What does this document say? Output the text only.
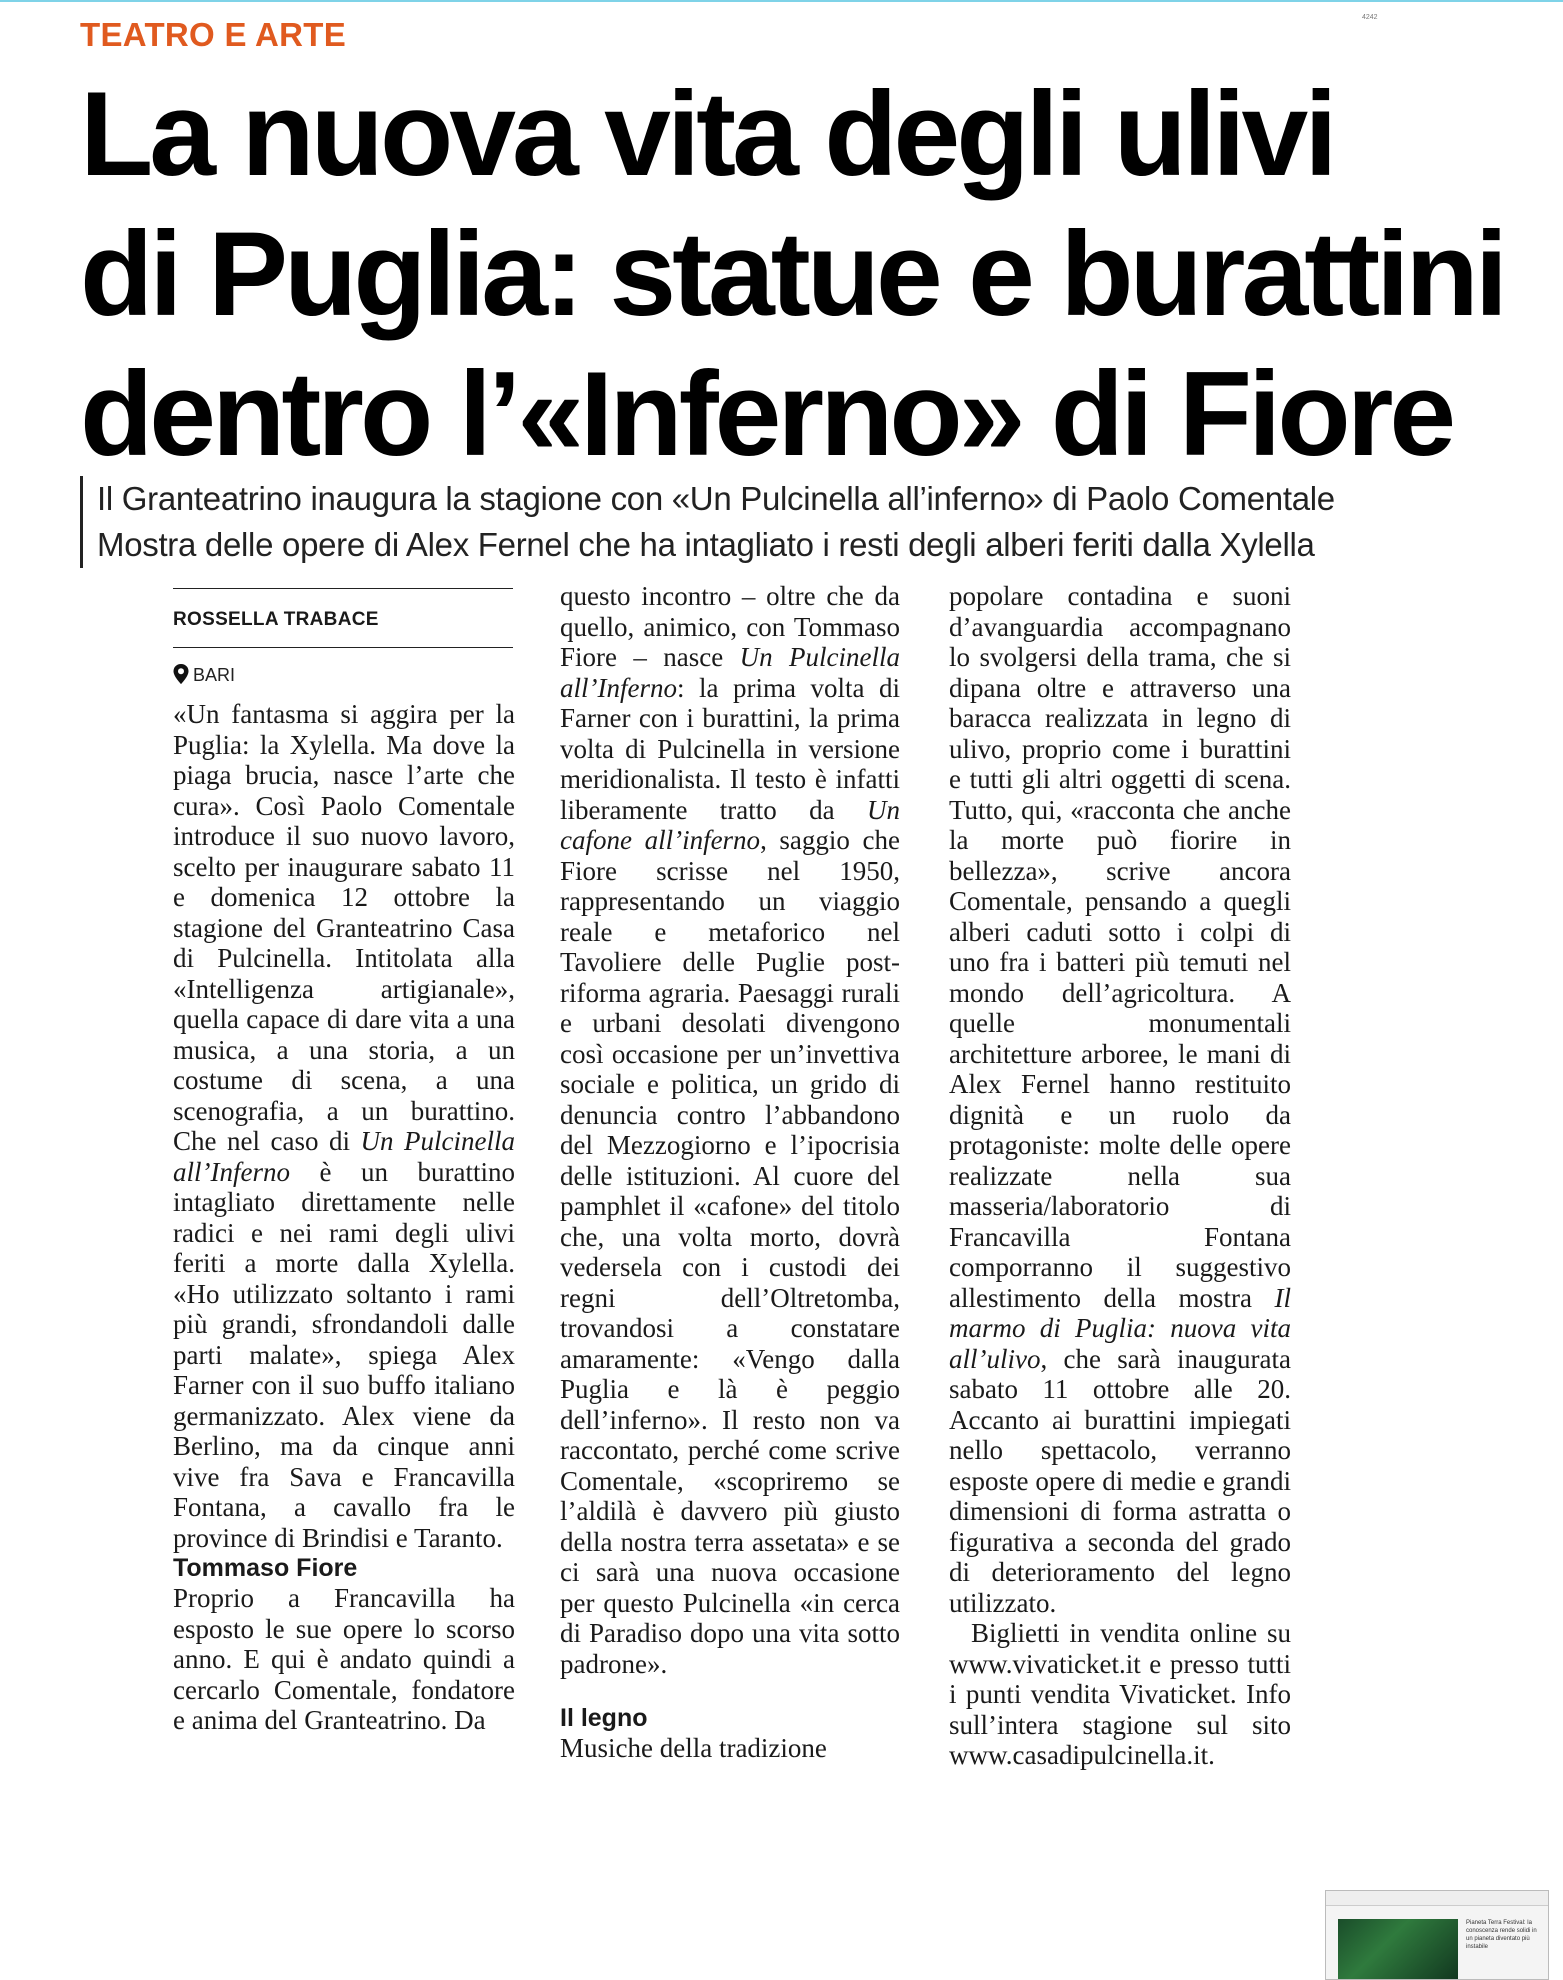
4242
TEATRO E ARTE
La nuova vita degli ulivi
di Puglia: statue e burattini
dentro l’«Inferno» di Fiore
Il Granteatrino inaugura la stagione con «Un Pulcinella all’inferno» di Paolo Comentale
Mostra delle opere di Alex Fernel che ha intagliato i resti degli alberi feriti dalla Xylella
ROSSELLA TRABACE
BARI

«Un fantasma si aggira per la Puglia: la Xylella. Ma dove la piaga brucia, nasce l’arte che cura». Così Paolo Comentale introduce il suo nuovo lavoro, scelto per inaugurare sabato 11 e domenica 12 ottobre la stagione del Granteatrino Casa di Pulcinella. Intitolata alla «Intelligenza artigianale», quella capace di dare vita a una musica, a una storia, a un costume di scena, a una scenografia, a un burattino. Che nel caso di Un Pulcinella all’Inferno è un burattino intagliato direttamente nelle radici e nei rami degli ulivi feriti a morte dalla Xylella. «Ho utilizzato soltanto i rami più grandi, sfrondandoli dalle parti malate», spiega Alex Farner con il suo buffo italiano germanizzato. Alex viene da Berlino, ma da cinque anni vive fra Sava e Francavilla Fontana, a cavallo fra le province di Brindisi e Taranto.

Tommaso Fiore

Proprio a Francavilla ha esposto le sue opere lo scorso anno. E qui è andato quindi a cercarlo Comentale, fondatore e anima del Granteatrino. Da

questo incontro – oltre che da quello, animico, con Tommaso Fiore – nasce Un Pulcinella all’Inferno: la prima volta di Farner con i burattini, la prima volta di Pulcinella in versione meridionalista. Il testo è infatti liberamente tratto da Un cafone all’inferno, saggio che Fiore scrisse nel 1950, rappresentando un viaggio reale e metaforico nel Tavoliere delle Puglie post-riforma agraria. Paesaggi rurali e urbani desolati divengono così occasione per un’invettiva sociale e politica, un grido di denuncia contro l’abbandono del Mezzogiorno e l’ipocrisia delle istituzioni. Al cuore del pamphlet il «cafone» del titolo che, una volta morto, dovrà vedersela con i custodi dei regni dell’Oltretomba, trovandosi a constatare amaramente: «Vengo dalla Puglia e là è peggio dell’inferno». Il resto non va raccontato, perché come scrive Comentale, «scopriremo se l’aldilà è davvero più giusto della nostra terra assetata» e se ci sarà una nuova occasione per questo Pulcinella «in cerca di Paradiso dopo una vita sotto padrone».

Il legno

Musiche della tradizione

popolare contadina e suoni d’avanguardia accompagnano lo svolgersi della trama, che si dipana oltre e attraverso una baracca realizzata in legno di ulivo, proprio come i burattini e tutti gli altri oggetti di scena. Tutto, qui, «racconta che anche la morte può fiorire in bellezza», scrive ancora Comentale, pensando a quegli alberi caduti sotto i colpi di uno fra i batteri più temuti nel mondo dell’agricoltura. A quelle monumentali architetture arboree, le mani di Alex Fernel hanno restituito dignità e un ruolo da protagoniste: molte delle opere realizzate nella sua masseria/laboratorio di Francavilla Fontana comporranno il suggestivo allestimento della mostra Il marmo di Puglia: nuova vita all’ulivo, che sarà inaugurata sabato 11 ottobre alle 20. Accanto ai burattini impiegati nello spettacolo, verranno esposte opere di medie e grandi dimensioni di forma astratta o figurativa a seconda del grado di deterioramento del legno utilizzato.

Biglietti in vendita online su www.vivaticket.it e presso tutti i punti vendita Vivaticket. Info sull’intera stagione sul sito www.casadipulcinella.it.

Pianeta Terra Festival: la conoscenza rende solidi in un pianeta diventato più instabile
